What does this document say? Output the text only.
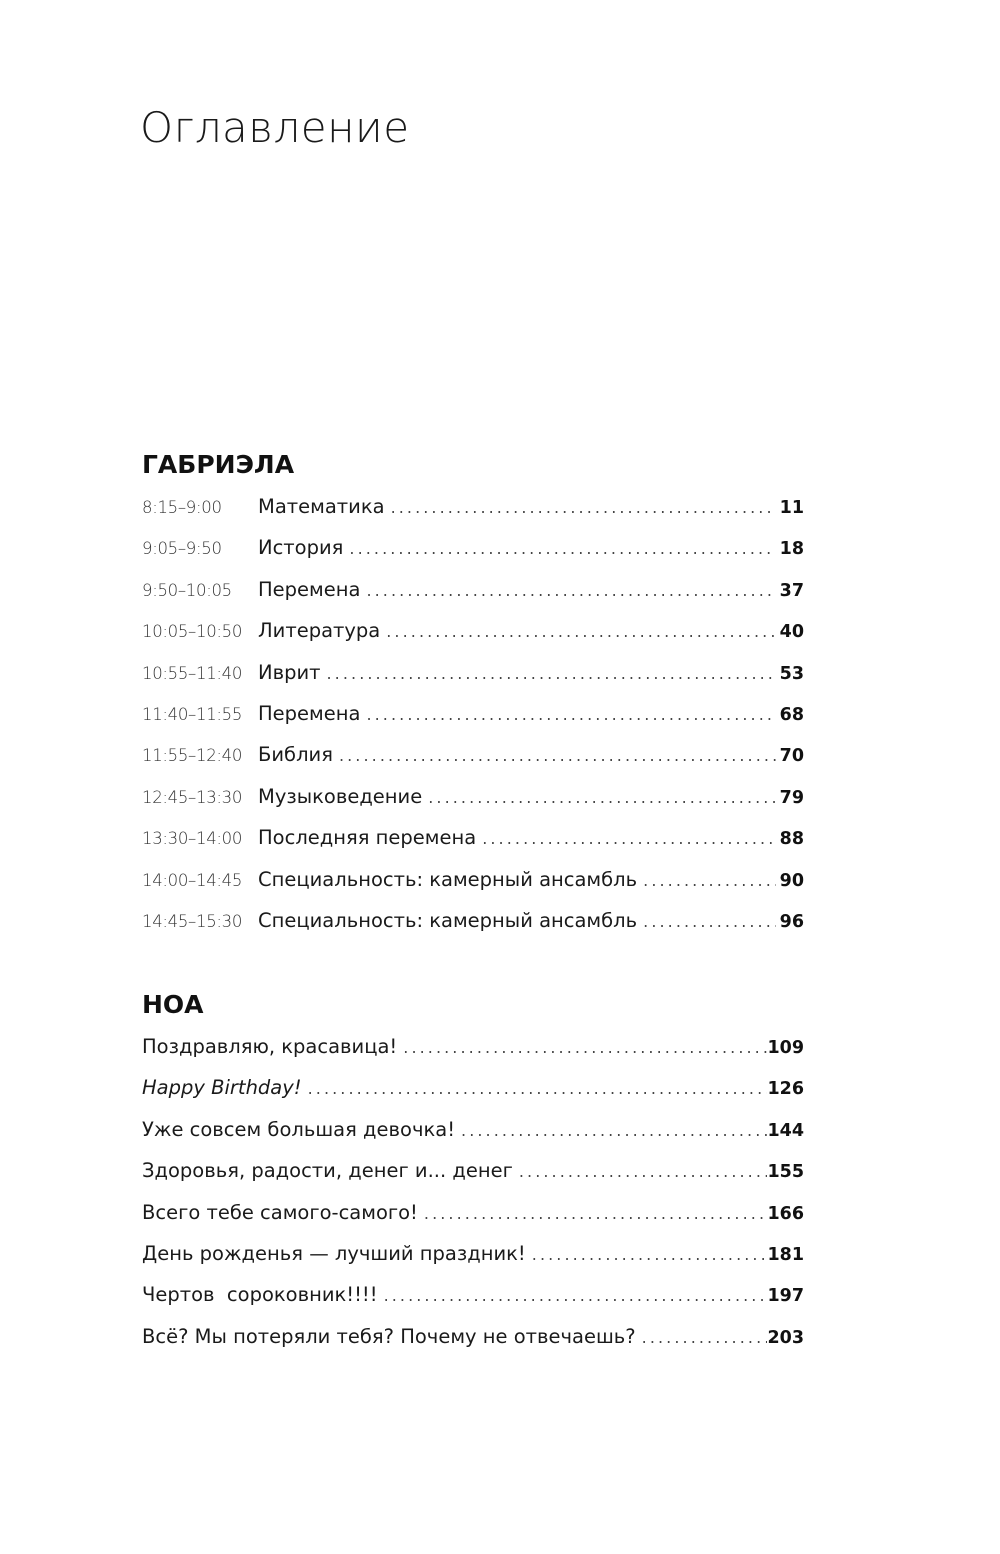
Оглавление
ГАБРИЭЛА
8:15–9:00	Математика . . .	11
9:05–9:50	История . . .	18
9:50–10:05	Перемена . . .	37
10:05–10:50 Литература . . .	40
10:55–11:40 Иврит . . .	53
11:40–11:55 Перемена . . .	68
11:55–12:40 Библия . . .	70
12:45–13:30 Музыковедение . . .	79
13:30–14:00 Последняя перемена . . .	88
14:00–14:45 Специальность: камерный ансамбль . . .	90
14:45–15:30 Специальность: камерный ансамбль . . .	96
НОА
Поздравляю, красавица! . . .	109
Happy Birthday! . . .	126
Уже совсем большая девочка! . . .	144
Здоровья, радости, денег и... денег . . .	155
Всего тебе самого-самого! . . .	166
День рожденья — лучший праздник! . . .	181
Чертов  сороковник!!!! . . .	197
Всё? Мы потеряли тебя? Почему не отвечаешь? . . .	203
